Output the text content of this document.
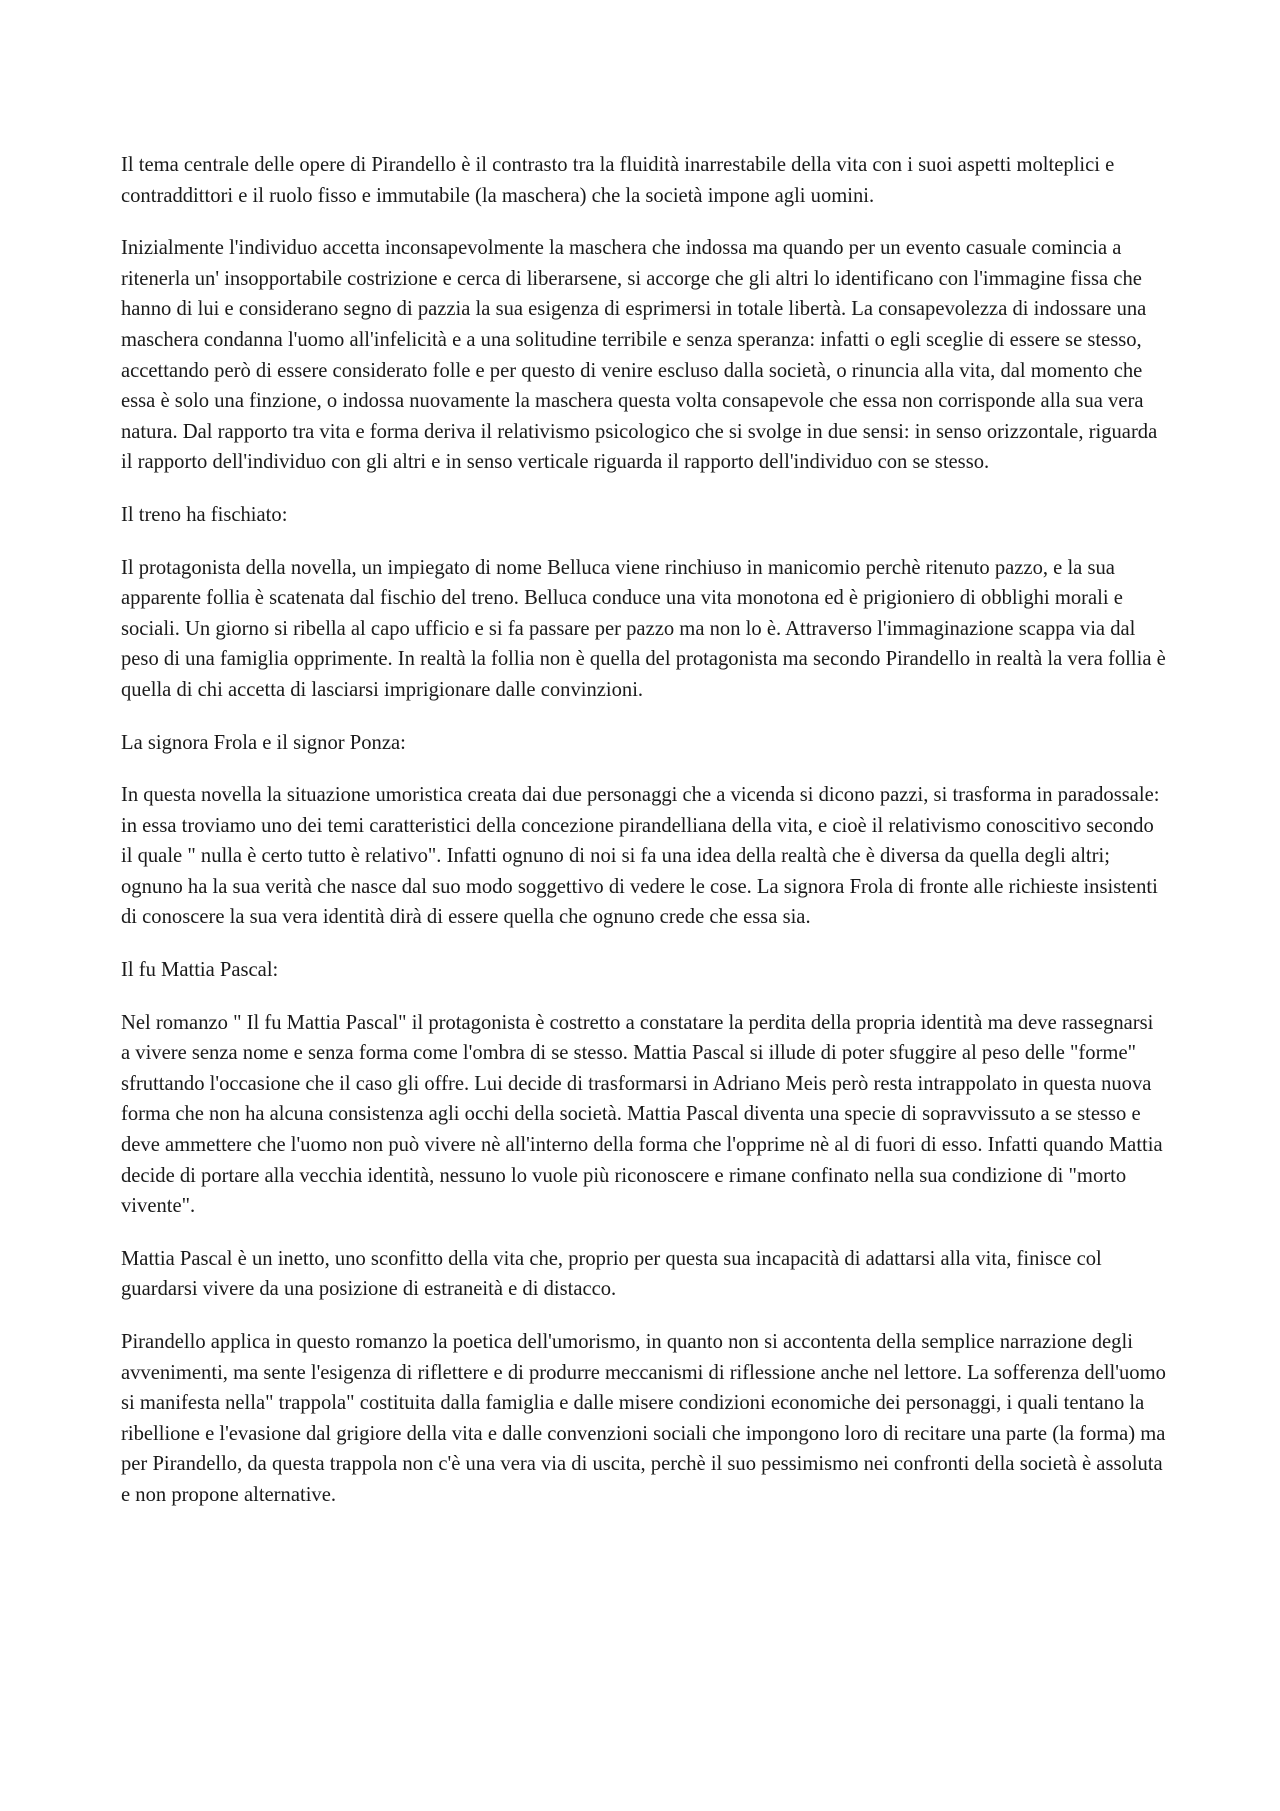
Il tema centrale delle opere di Pirandello è il contrasto tra la fluidità inarrestabile della vita con i suoi aspetti molteplici e contraddittori e il ruolo fisso e immutabile (la maschera) che la società impone agli uomini.

Inizialmente l'individuo accetta inconsapevolmente la maschera che indossa ma quando per un evento casuale comincia a ritenerla un' insopportabile costrizione e cerca di liberarsene, si accorge che gli altri lo identificano con l'immagine fissa che hanno di lui e considerano segno di pazzia la sua esigenza di esprimersi in totale libertà. La consapevolezza di indossare una maschera condanna l'uomo all'infelicità e a una solitudine terribile e senza speranza: infatti o egli sceglie di essere se stesso, accettando però di essere considerato folle e per questo di venire escluso dalla società, o rinuncia alla vita, dal momento che essa è solo una finzione, o indossa nuovamente la maschera questa volta consapevole che essa non corrisponde alla sua vera natura. Dal rapporto tra vita e forma deriva il relativismo psicologico che si svolge in due sensi: in senso orizzontale, riguarda il rapporto dell'individuo con gli altri e in senso verticale riguarda il rapporto dell'individuo con se stesso.

Il treno ha fischiato:

Il protagonista della novella, un impiegato di nome Belluca viene rinchiuso in manicomio perchè ritenuto pazzo, e la sua apparente follia è scatenata dal fischio del treno. Belluca conduce una vita monotona ed è prigioniero di obblighi morali e sociali. Un giorno si ribella al capo ufficio e si fa passare per pazzo ma non lo è. Attraverso l'immaginazione scappa via dal peso di una famiglia opprimente. In realtà la follia non è quella del protagonista ma secondo Pirandello in realtà la vera follia è quella di chi accetta di lasciarsi imprigionare dalle convinzioni.

La signora Frola e il signor Ponza:

In questa novella la situazione umoristica creata dai due personaggi che a vicenda si dicono pazzi, si trasforma in paradossale: in essa troviamo uno dei temi caratteristici della concezione pirandelliana della vita, e cioè il relativismo conoscitivo secondo il quale " nulla è certo tutto è relativo". Infatti ognuno di noi si fa una idea della realtà che è diversa da quella degli altri; ognuno ha la sua verità che nasce dal suo modo soggettivo di vedere le cose. La signora Frola di fronte alle richieste insistenti di conoscere la sua vera identità dirà di essere quella che ognuno crede che essa sia.

Il fu Mattia Pascal:

Nel romanzo " Il fu Mattia Pascal" il protagonista è costretto a constatare la perdita della propria identità ma deve rassegnarsi a vivere senza nome e senza forma come l'ombra di se stesso. Mattia Pascal si illude di poter sfuggire al peso delle "forme" sfruttando l'occasione che il caso gli offre. Lui decide di trasformarsi in Adriano Meis però resta intrappolato in questa nuova forma che non ha alcuna consistenza agli occhi della società. Mattia Pascal diventa una specie di sopravvissuto a se stesso e deve ammettere che l'uomo non può vivere nè all'interno della forma che l'opprime nè al di fuori di esso. Infatti quando Mattia decide di portare alla vecchia identità, nessuno lo vuole più riconoscere e rimane confinato nella sua condizione di "morto vivente".

Mattia Pascal è un inetto, uno sconfitto della vita che, proprio per questa sua incapacità di adattarsi alla vita, finisce col guardarsi vivere da una posizione di estraneità e di distacco.

Pirandello applica in questo romanzo la poetica dell'umorismo, in quanto non si accontenta della semplice narrazione degli avvenimenti, ma sente l'esigenza di riflettere e di produrre meccanismi di riflessione anche nel lettore. La sofferenza dell'uomo si manifesta nella" trappola" costituita dalla famiglia e dalle misere condizioni economiche dei personaggi, i quali tentano la ribellione e l'evasione dal grigiore della vita e dalle convenzioni sociali che impongono loro di recitare una parte (la forma) ma per Pirandello, da questa trappola non c'è una vera via di uscita, perchè il suo pessimismo nei confronti della società è assoluta e non propone alternative.
